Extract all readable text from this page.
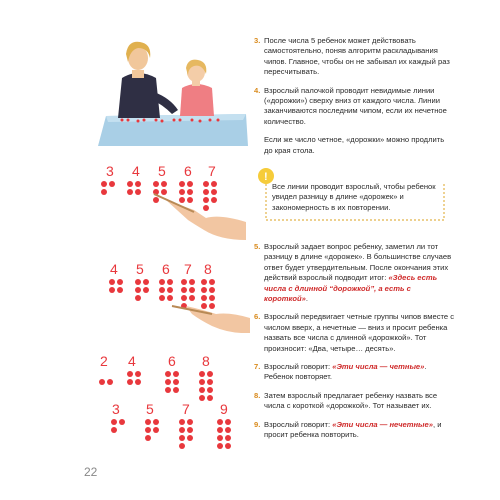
3 4 5 6 7
4 5 6 7 8
2 4 6 8
3 5 7 9
3. После числа 5 ребенок может действовать самостоятельно, поняв алгоритм раскладывания чипов. Главное, чтобы он не забывал их каждый раз пересчитывать.
4. Взрослый палочкой проводит невидимые линии («дорожки») сверху вниз от каждого числа. Линии заканчиваются последним чипом, если их нечетное количество.
Если же число четное, «дорожки» можно продлить до края стола.
!
Все линии проводит взрослый, чтобы ребенок увидел разницу в длине «дорожек» и закономерность в их повторении.
5. Взрослый задает вопрос ребенку, заметил ли тот разницу в длине «дорожек». В большинстве случаев ответ будет утвердительным. После окончания этих действий взрослый подводит итог: «Здесь есть числа с длинной “дорожкой”, а есть с короткой».
6. Взрослый передвигает четные группы чипов вместе с числом вверх, а нечетные — вниз и просит ребенка назвать все числа с длинной «дорожкой». Тот произносит: «Два, четыре… десять».
7. Взрослый говорит: «Эти числа — четные». Ребенок повторяет.
8. Затем взрослый предлагает ребенку назвать все числа с короткой «дорожкой». Тот называет их.
9. Взрослый говорит: «Эти числа — нечетные», и просит ребенка повторить.
22
